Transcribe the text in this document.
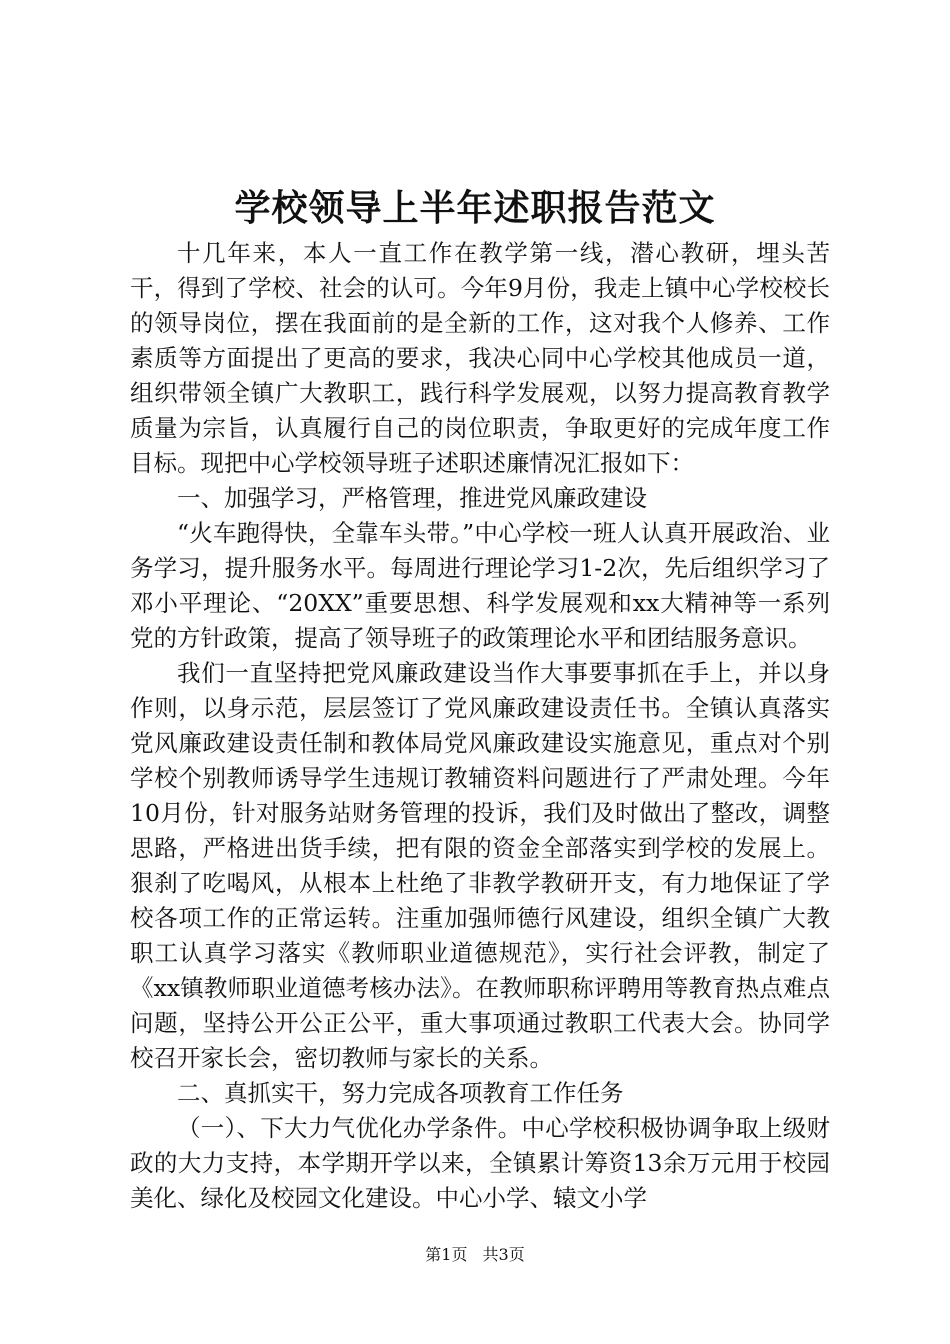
学校领导上半年述职报告范文

十几年来，本人一直工作在教学第一线，潜心教研，埋头苦干，得到了学校、社会的认可。今年9月份，我走上镇中心学校校长的领导岗位，摆在我面前的是全新的工作，这对我个人修养、工作素质等方面提出了更高的要求，我决心同中心学校其他成员一道，组织带领全镇广大教职工，践行科学发展观，以努力提高教育教学质量为宗旨，认真履行自己的岗位职责，争取更好的完成年度工作目标。现把中心学校领导班子述职述廉情况汇报如下：

一、加强学习，严格管理，推进党风廉政建设

“火车跑得快，全靠车头带。”中心学校一班人认真开展政治、业务学习，提升服务水平。每周进行理论学习1-2次，先后组织学习了邓小平理论、“20XX”重要思想、科学发展观和xx大精神等一系列党的方针政策，提高了领导班子的政策理论水平和团结服务意识。

我们一直坚持把党风廉政建设当作大事要事抓在手上，并以身作则，以身示范，层层签订了党风廉政建设责任书。全镇认真落实党风廉政建设责任制和教体局党风廉政建设实施意见，重点对个别学校个别教师诱导学生违规订教辅资料问题进行了严肃处理。今年10月份，针对服务站财务管理的投诉，我们及时做出了整改，调整思路，严格进出货手续，把有限的资金全部落实到学校的发展上。狠刹了吃喝风，从根本上杜绝了非教学教研开支，有力地保证了学校各项工作的正常运转。注重加强师德行风建设，组织全镇广大教职工认真学习落实《教师职业道德规范》，实行社会评教，制定了《xx镇教师职业道德考核办法》。在教师职称评聘用等教育热点难点问题，坚持公开公正公平，重大事项通过教职工代表大会。协同学校召开家长会，密切教师与家长的关系。

二、真抓实干，努力完成各项教育工作任务

（一）、下大力气优化办学条件。中心学校积极协调争取上级财政的大力支持，本学期开学以来，全镇累计筹资13余万元用于校园美化、绿化及校园文化建设。中心小学、辕文小学

第1页 共3页
